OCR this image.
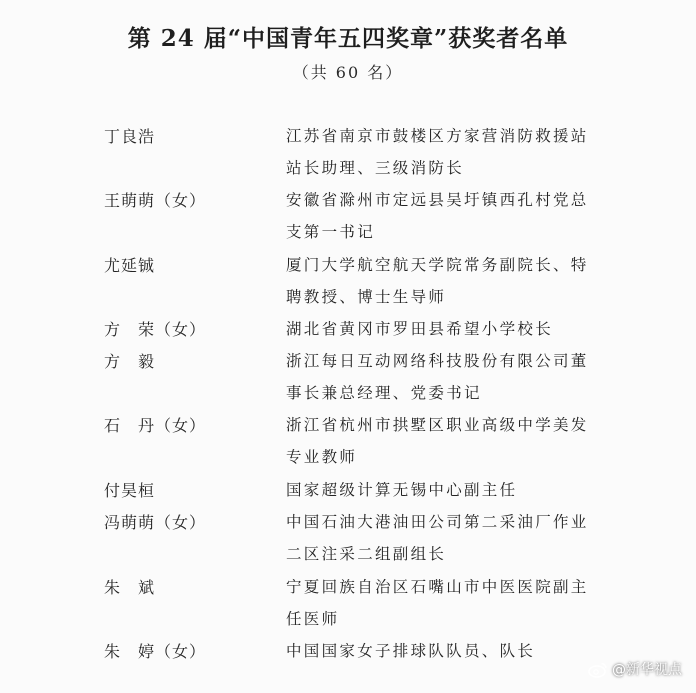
第 24 届“中国青年五四奖章”获奖者名单
（共 60 名）
丁良浩	江苏省南京市鼓楼区方家营消防救援站
站长助理、三级消防长
王萌萌（女）	安徽省滁州市定远县吴圩镇西孔村党总
支第一书记
尤延铖	厦门大学航空航天学院常务副院长、特
聘教授、博士生导师
方　荣（女）	湖北省黄冈市罗田县希望小学校长
方　毅	浙江每日互动网络科技股份有限公司董
事长兼总经理、党委书记
石　丹（女）	浙江省杭州市拱墅区职业高级中学美发
专业教师
付昊桓	国家超级计算无锡中心副主任
冯萌萌（女）	中国石油大港油田公司第二采油厂作业
二区注采二组副组长
朱　斌	宁夏回族自治区石嘴山市中医医院副主
任医师
朱　婷（女）	中国国家女子排球队队员、队长
@新华视点
